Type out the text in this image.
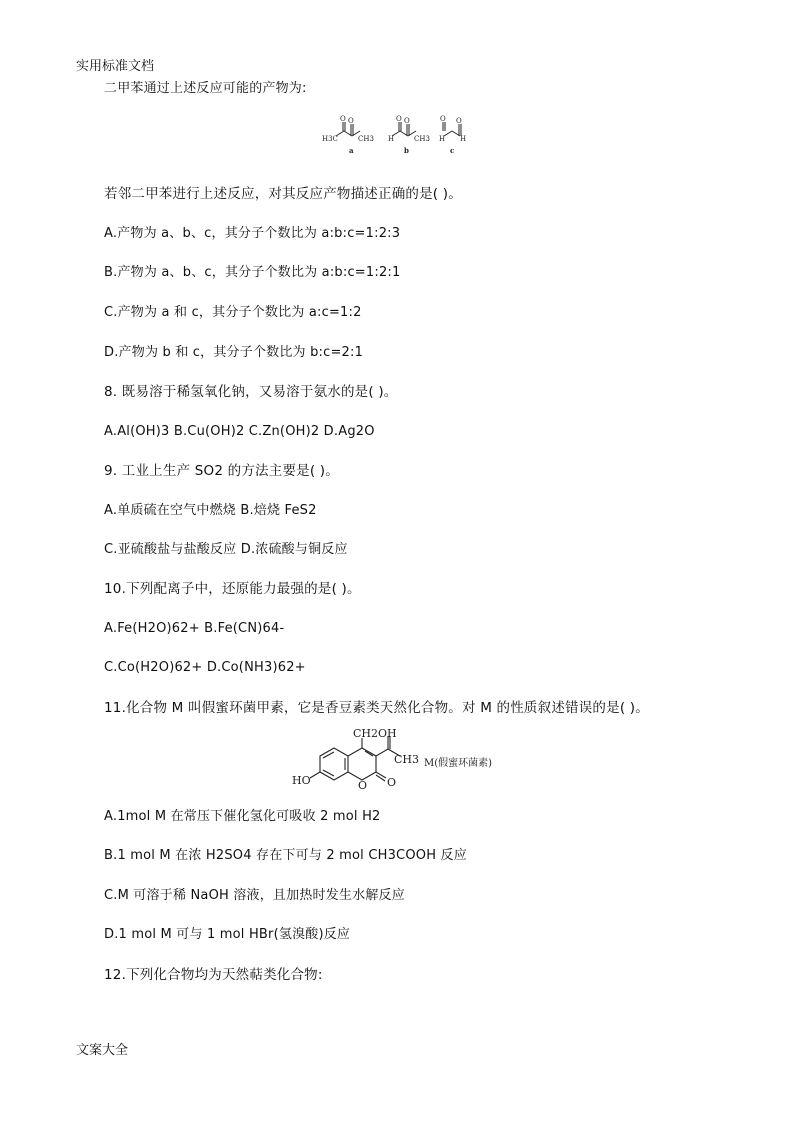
实用标准文档
二甲苯通过上述反应可能的产物为:
O O
H3C	CH3
O O
H	CH3
O O
H H
a	b	c
若邻二甲苯进行上述反应，对其反应产物描述正确的是( )。
A.产物为 a、b、c，其分子个数比为 a:b:c=1:2:3
B.产物为 a、b、c，其分子个数比为 a:b:c=1:2:1
C.产物为 a 和 c，其分子个数比为 a:c=1:2
D.产物为 b 和 c，其分子个数比为 b:c=2:1
8. 既易溶于稀氢氧化钠，又易溶于氨水的是( )。
A.Al(OH)3 B.Cu(OH)2 C.Zn(OH)2 D.Ag2O
9. 工业上生产 SO2 的方法主要是( )。
A.单质硫在空气中燃烧 B.焙烧 FeS2
C.亚硫酸盐与盐酸反应 D.浓硫酸与铜反应
10.下列配离子中，还原能力最强的是( )。
A.Fe(H2O)62+ B.Fe(CN)64-
C.Co(H2O)62+ D.Co(NH3)62+
11.化合物 M 叫假蜜环菌甲素，它是香豆素类天然化合物。对 M 的性质叙述错误的是( )。
CH2OH
CH3
HO	O O
M(假蜜环菌素)
A.1mol M 在常压下催化氢化可吸收 2 mol H2
B.1 mol M 在浓 H2SO4 存在下可与 2 mol CH3COOH 反应
C.M 可溶于稀 NaOH 溶液，且加热时发生水解反应
D.1 mol M 可与 1 mol HBr(氢溴酸)反应
12.下列化合物均为天然萜类化合物:
文案大全
